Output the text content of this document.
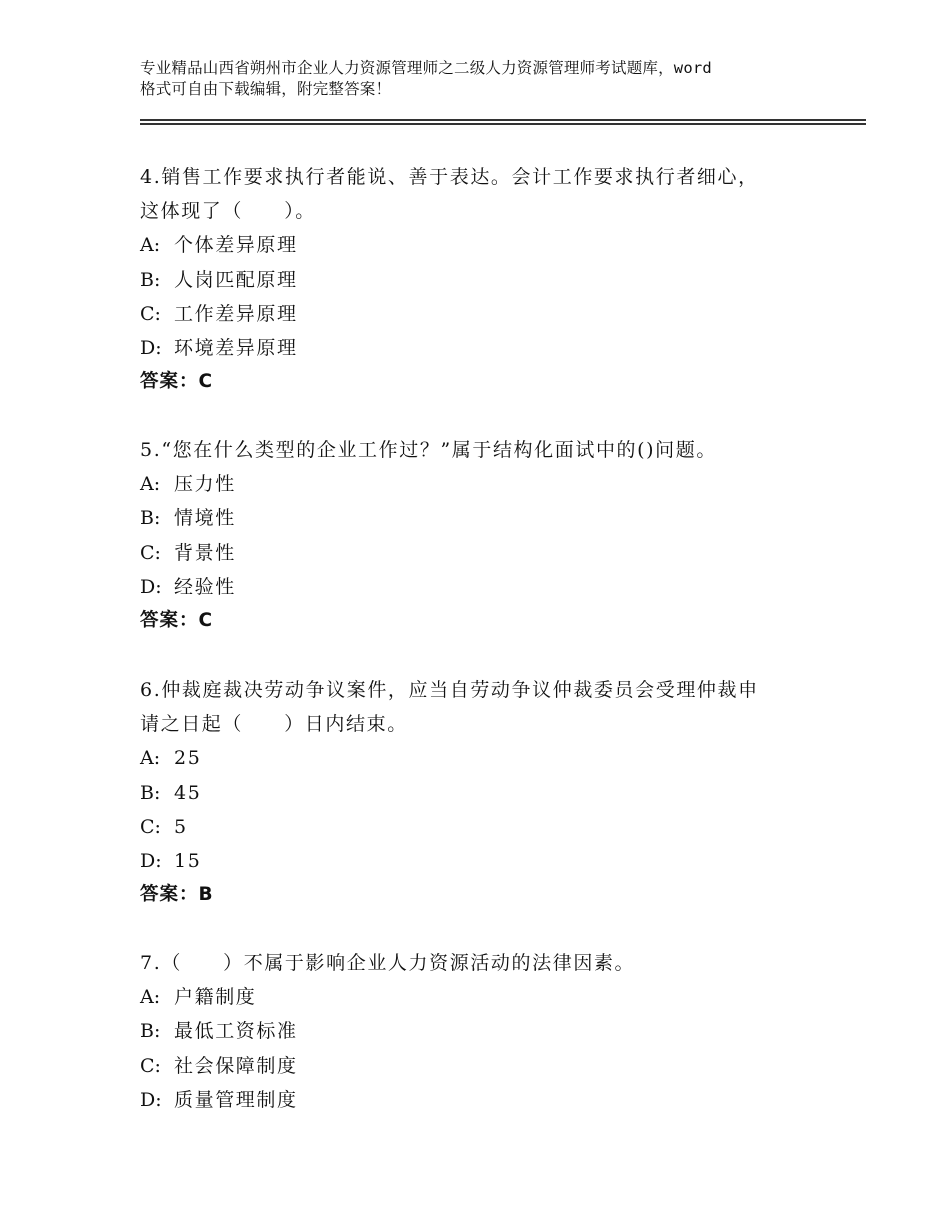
专业精品山西省朔州市企业人力资源管理师之二级人力资源管理师考试题库，word
格式可自由下载编辑，附完整答案！
4.销售工作要求执行者能说、善于表达。会计工作要求执行者细心，
这体现了（　　）。
A: 个体差异原理
B: 人岗匹配原理
C: 工作差异原理
D: 环境差异原理
答案：C
5.“您在什么类型的企业工作过？”属于结构化面试中的()问题。
A: 压力性
B: 情境性
C: 背景性
D: 经验性
答案：C
6.仲裁庭裁决劳动争议案件，应当自劳动争议仲裁委员会受理仲裁申
请之日起（　　）日内结束。
A: 25
B: 45
C: 5
D: 15
答案：B
7.（　　）不属于影响企业人力资源活动的法律因素。
A: 户籍制度
B: 最低工资标准
C: 社会保障制度
D: 质量管理制度
